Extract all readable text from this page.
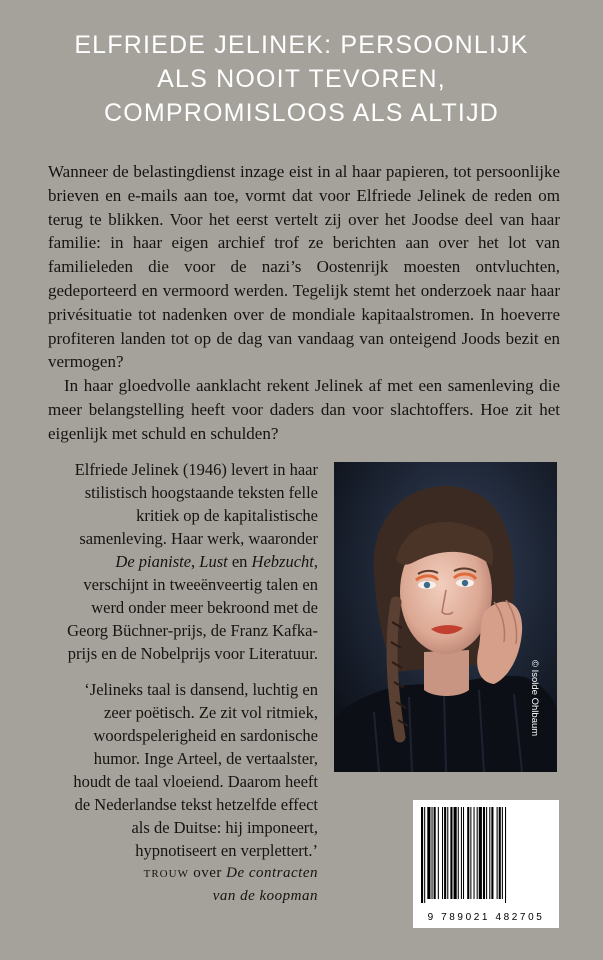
ELFRIEDE JELINEK: PERSOONLIJK
ALS NOOIT TEVOREN,
COMPROMISLOOS ALS ALTIJD

Wanneer de belastingdienst inzage eist in al haar papieren, tot persoonlijke brieven en e-mails aan toe, vormt dat voor Elfriede Jelinek de reden om terug te blikken. Voor het eerst vertelt zij over het Joodse deel van haar familie: in haar eigen archief trof ze berichten aan over het lot van familieleden die voor de nazi’s Oostenrijk moesten ontvluchten, gedeporteerd en vermoord werden. Tegelijk stemt het onderzoek naar haar privésituatie tot nadenken over de mondiale kapitaalstromen. In hoeverre profiteren landen tot op de dag van vandaag van onteigend Joods bezit en vermogen?

In haar gloedvolle aanklacht rekent Jelinek af met een samenleving die meer belangstelling heeft voor daders dan voor slachtoffers. Hoe zit het eigenlijk met schuld en schulden?

Elfriede Jelinek (1946) levert in haar stilistisch hoogstaande teksten felle kritiek op de kapitalistische samenleving. Haar werk, waaronder De pianiste, Lust en Hebzucht, verschijnt in tweeënveertig talen en werd onder meer bekroond met de Georg Büchner-prijs, de Franz Kafka-prijs en de Nobelprijs voor Literatuur.

‘Jelineks taal is dansend, luchtig en zeer poëtisch. Ze zit vol ritmiek, woordspelerigheid en sardonische humor. Inge Arteel, de vertaalster, houdt de taal vloeiend. Daarom heeft de Nederlandse tekst hetzelfde effect als de Duitse: hij imponeert, hypnotiseert en verplettert.’

trouw over De contracten
van de koopman

© Isolde Ohlbaum
9 789021 482705
